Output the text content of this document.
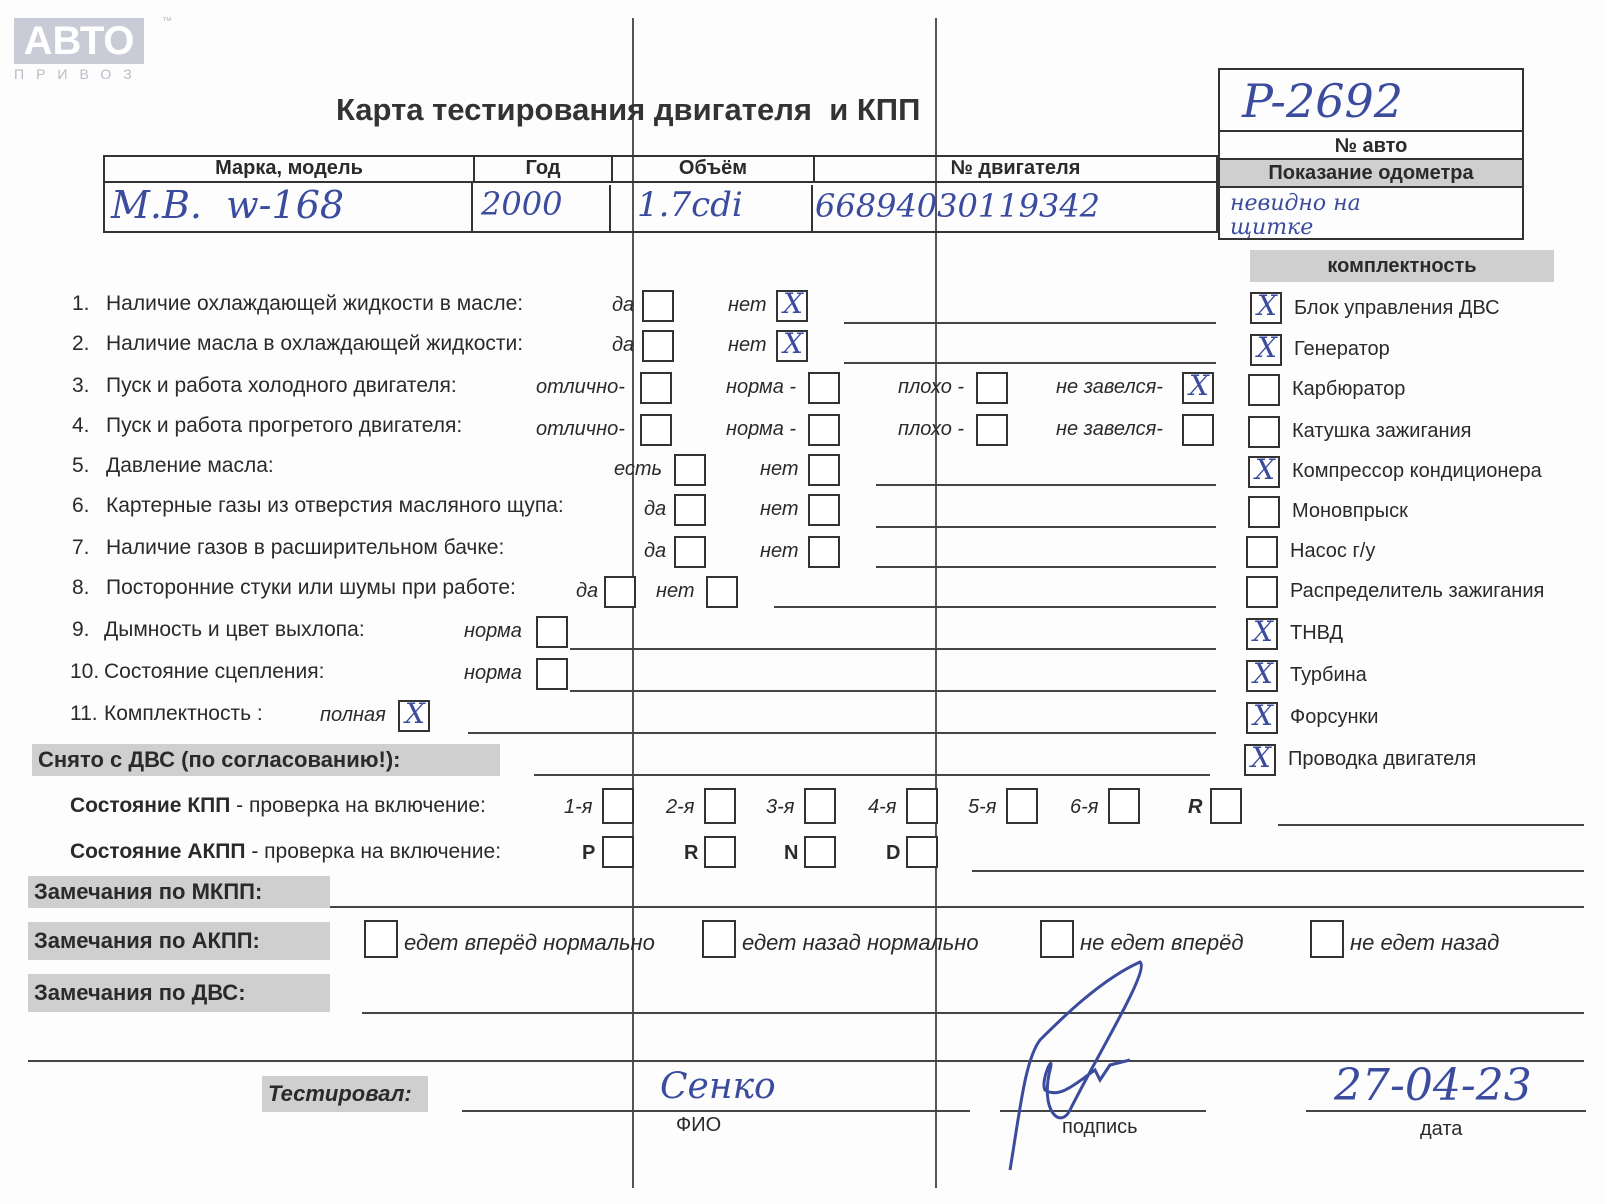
АВТО
ПРИВОЗ
™
Карта тестирования двигателя  и КПП	P-2692
№ авто
Марка, модель	Год	Объём	№ двигателя
M.B.  w-168	2000	1.7cdi	66894030119342
Показание одометра
невидно на щитке
комплектность
1. Наличие охлаждающей жидкости в масле:	да	нет X
2. Наличие масла в охлаждающей жидкости:	да	нет X
3. Пуск и работа холодного двигателя:	отлично-	норма -	плохо -	не завелся- X
4. Пуск и работа прогретого двигателя:	отлично-	норма -	плохо -	не завелся-
5. Давление масла:	есть	нет
6. Картерные газы из отверстия масляного щупа:	да	нет
7. Наличие газов в расширительном бачке:	да	нет
8. Посторонние стуки или шумы при работе:	да	нет
9. Дымность и цвет выхлопа:	норма
10. Состояние сцепления:	норма
11. Комплектность :	полная X
X Блок управления ДВС
X Генератор
Карбюратор
Катушка зажигания
X Компрессор кондиционера
Моновпрыск
Насос г/у
Распределитель зажигания
X ТНВД
X Турбина
X Форсунки
X Проводка двигателя
Снято с ДВС (по согласованию!):
Состояние КПП - проверка на включение:	1-я	2-я	3-я	4-я	5-я	6-я	R
Состояние АКПП - проверка на включение:	P	R	N	D
Замечания по МКПП:
Замечания по АКПП:	едет вперёд нормально	едет назад нормально	не едет вперёд	не едет назад
Замечания по ДВС:
Тестировал:	Сенко
ФИО	подпись
27-04-23
дата
